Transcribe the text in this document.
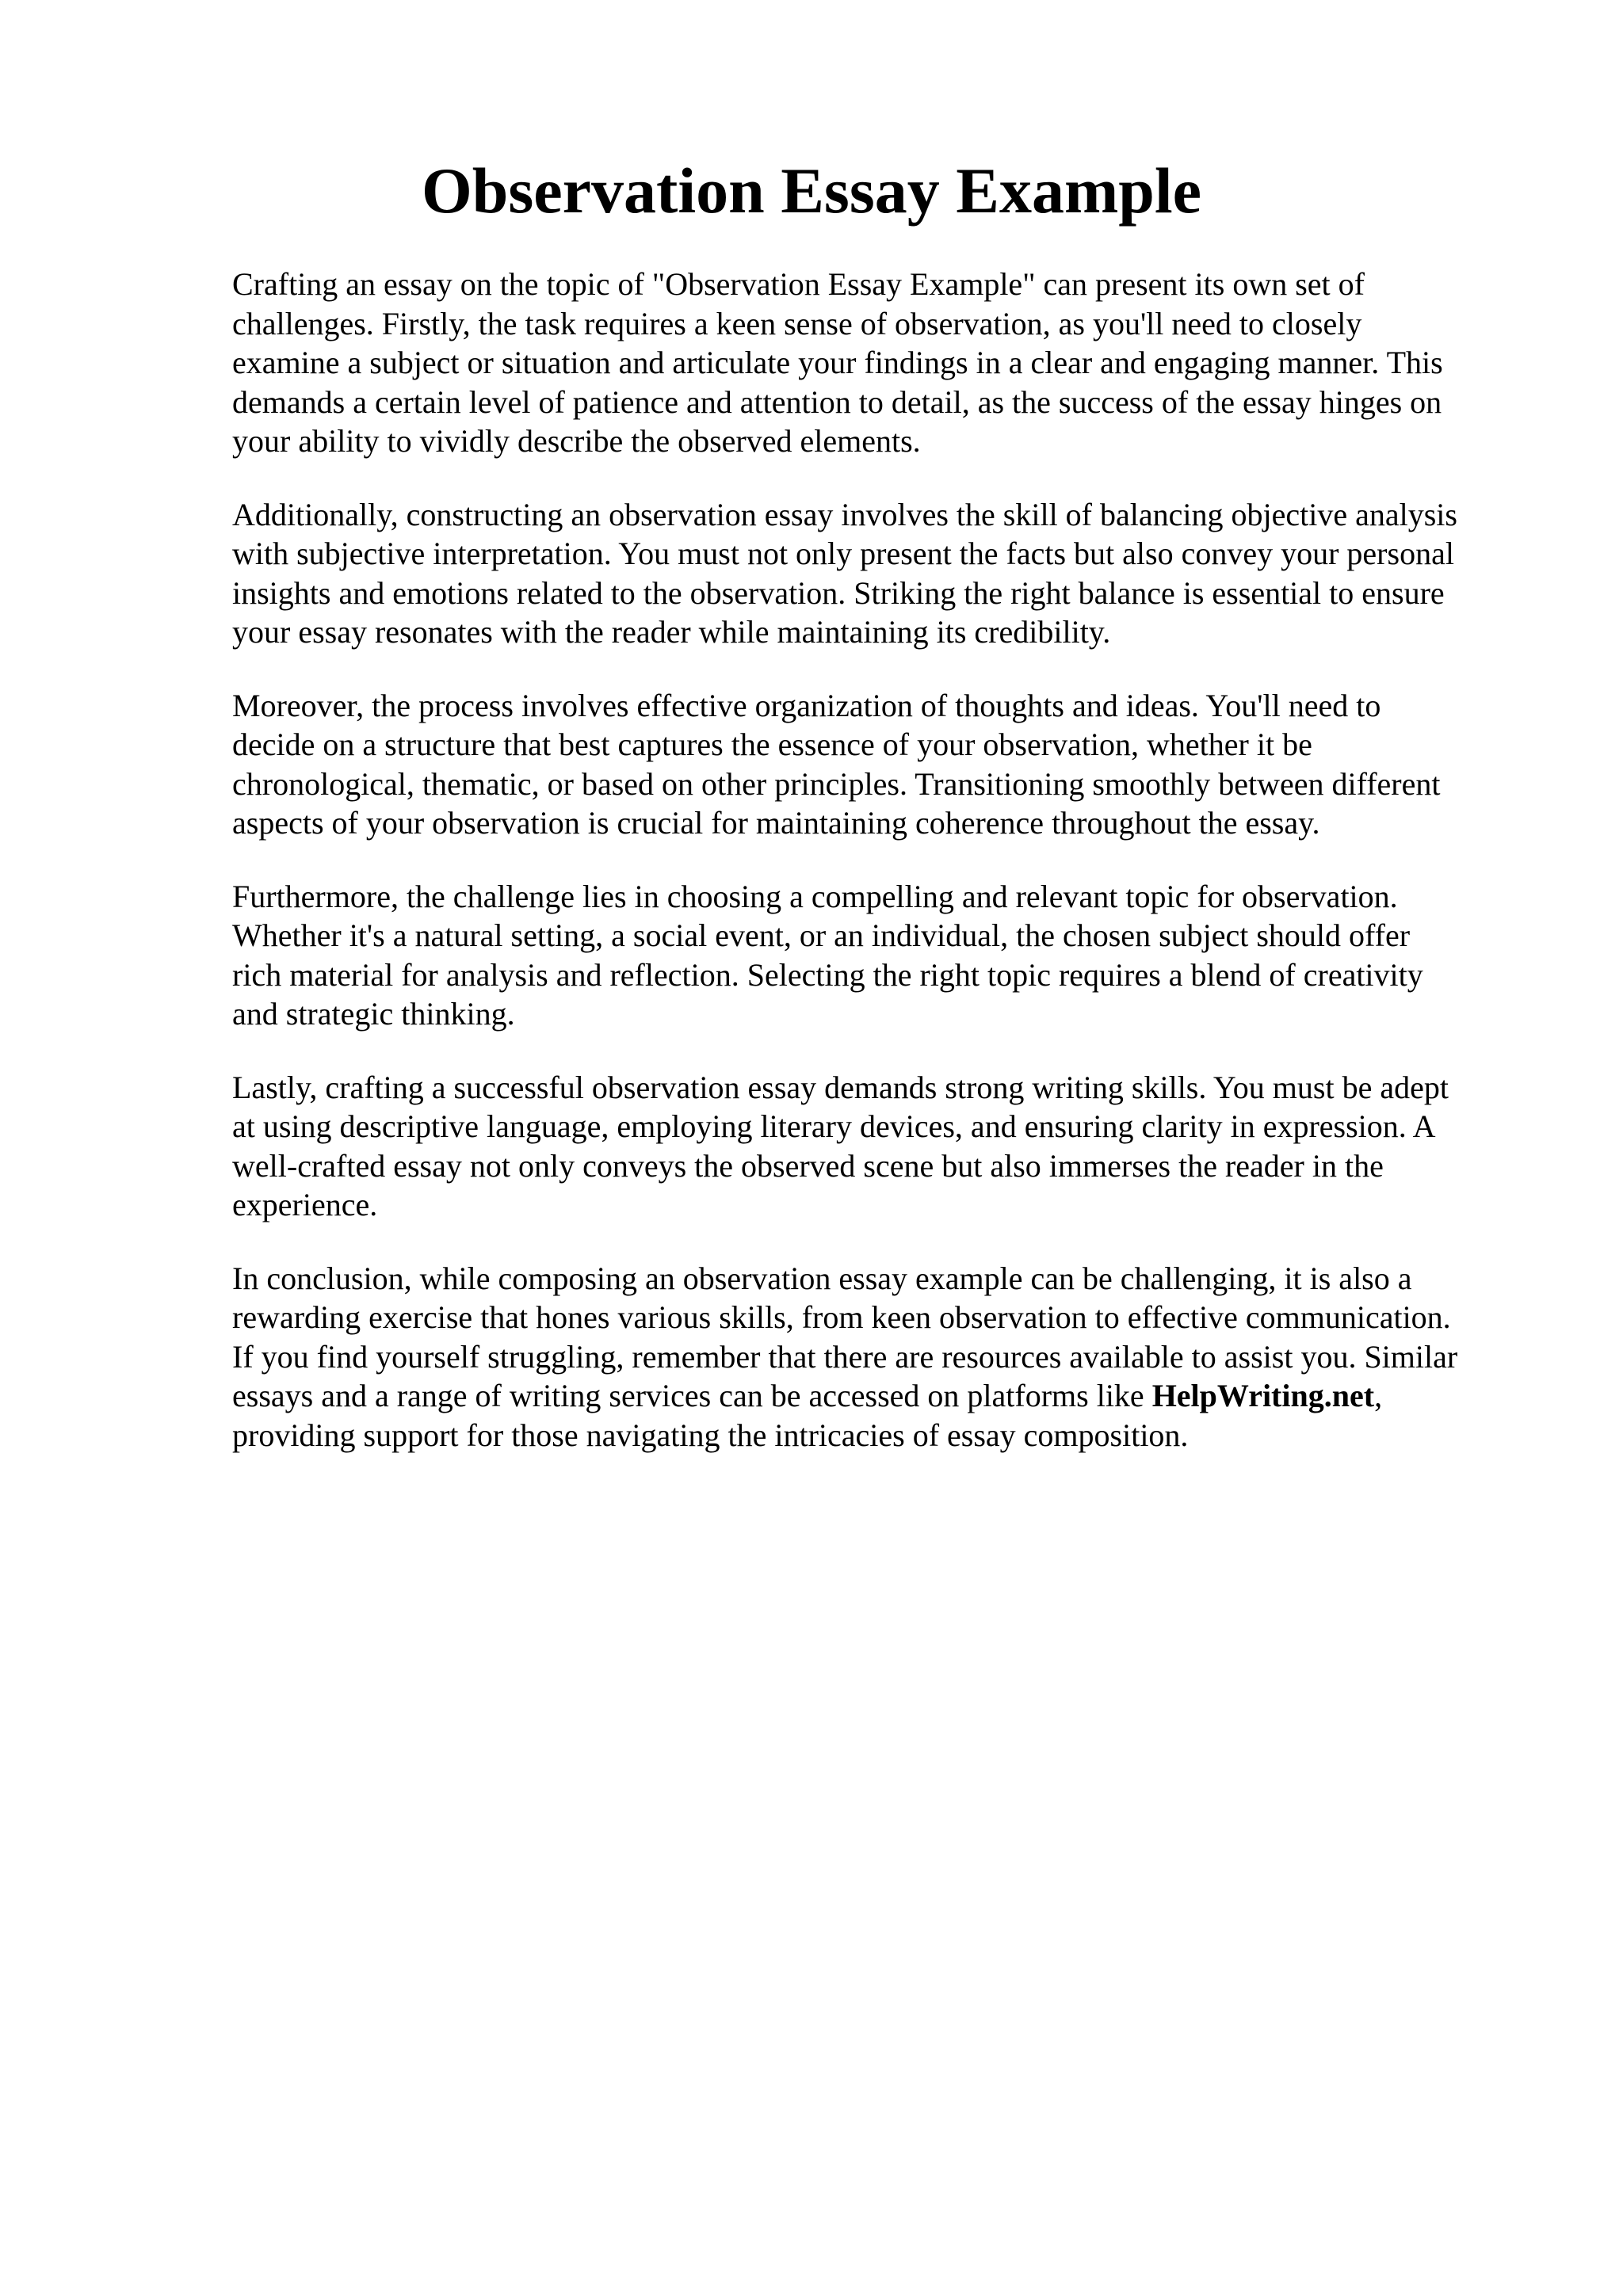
Observation Essay Example

Crafting an essay on the topic of "Observation Essay Example" can present its own set of
challenges. Firstly, the task requires a keen sense of observation, as you'll need to closely
examine a subject or situation and articulate your findings in a clear and engaging manner. This
demands a certain level of patience and attention to detail, as the success of the essay hinges on
your ability to vividly describe the observed elements.

Additionally, constructing an observation essay involves the skill of balancing objective analysis
with subjective interpretation. You must not only present the facts but also convey your personal
insights and emotions related to the observation. Striking the right balance is essential to ensure
your essay resonates with the reader while maintaining its credibility.

Moreover, the process involves effective organization of thoughts and ideas. You'll need to
decide on a structure that best captures the essence of your observation, whether it be
chronological, thematic, or based on other principles. Transitioning smoothly between different
aspects of your observation is crucial for maintaining coherence throughout the essay.

Furthermore, the challenge lies in choosing a compelling and relevant topic for observation.
Whether it's a natural setting, a social event, or an individual, the chosen subject should offer
rich material for analysis and reflection. Selecting the right topic requires a blend of creativity
and strategic thinking.

Lastly, crafting a successful observation essay demands strong writing skills. You must be adept
at using descriptive language, employing literary devices, and ensuring clarity in expression. A
well-crafted essay not only conveys the observed scene but also immerses the reader in the
experience.

In conclusion, while composing an observation essay example can be challenging, it is also a
rewarding exercise that hones various skills, from keen observation to effective communication.
If you find yourself struggling, remember that there are resources available to assist you. Similar
essays and a range of writing services can be accessed on platforms like HelpWriting.net,
providing support for those navigating the intricacies of essay composition.
